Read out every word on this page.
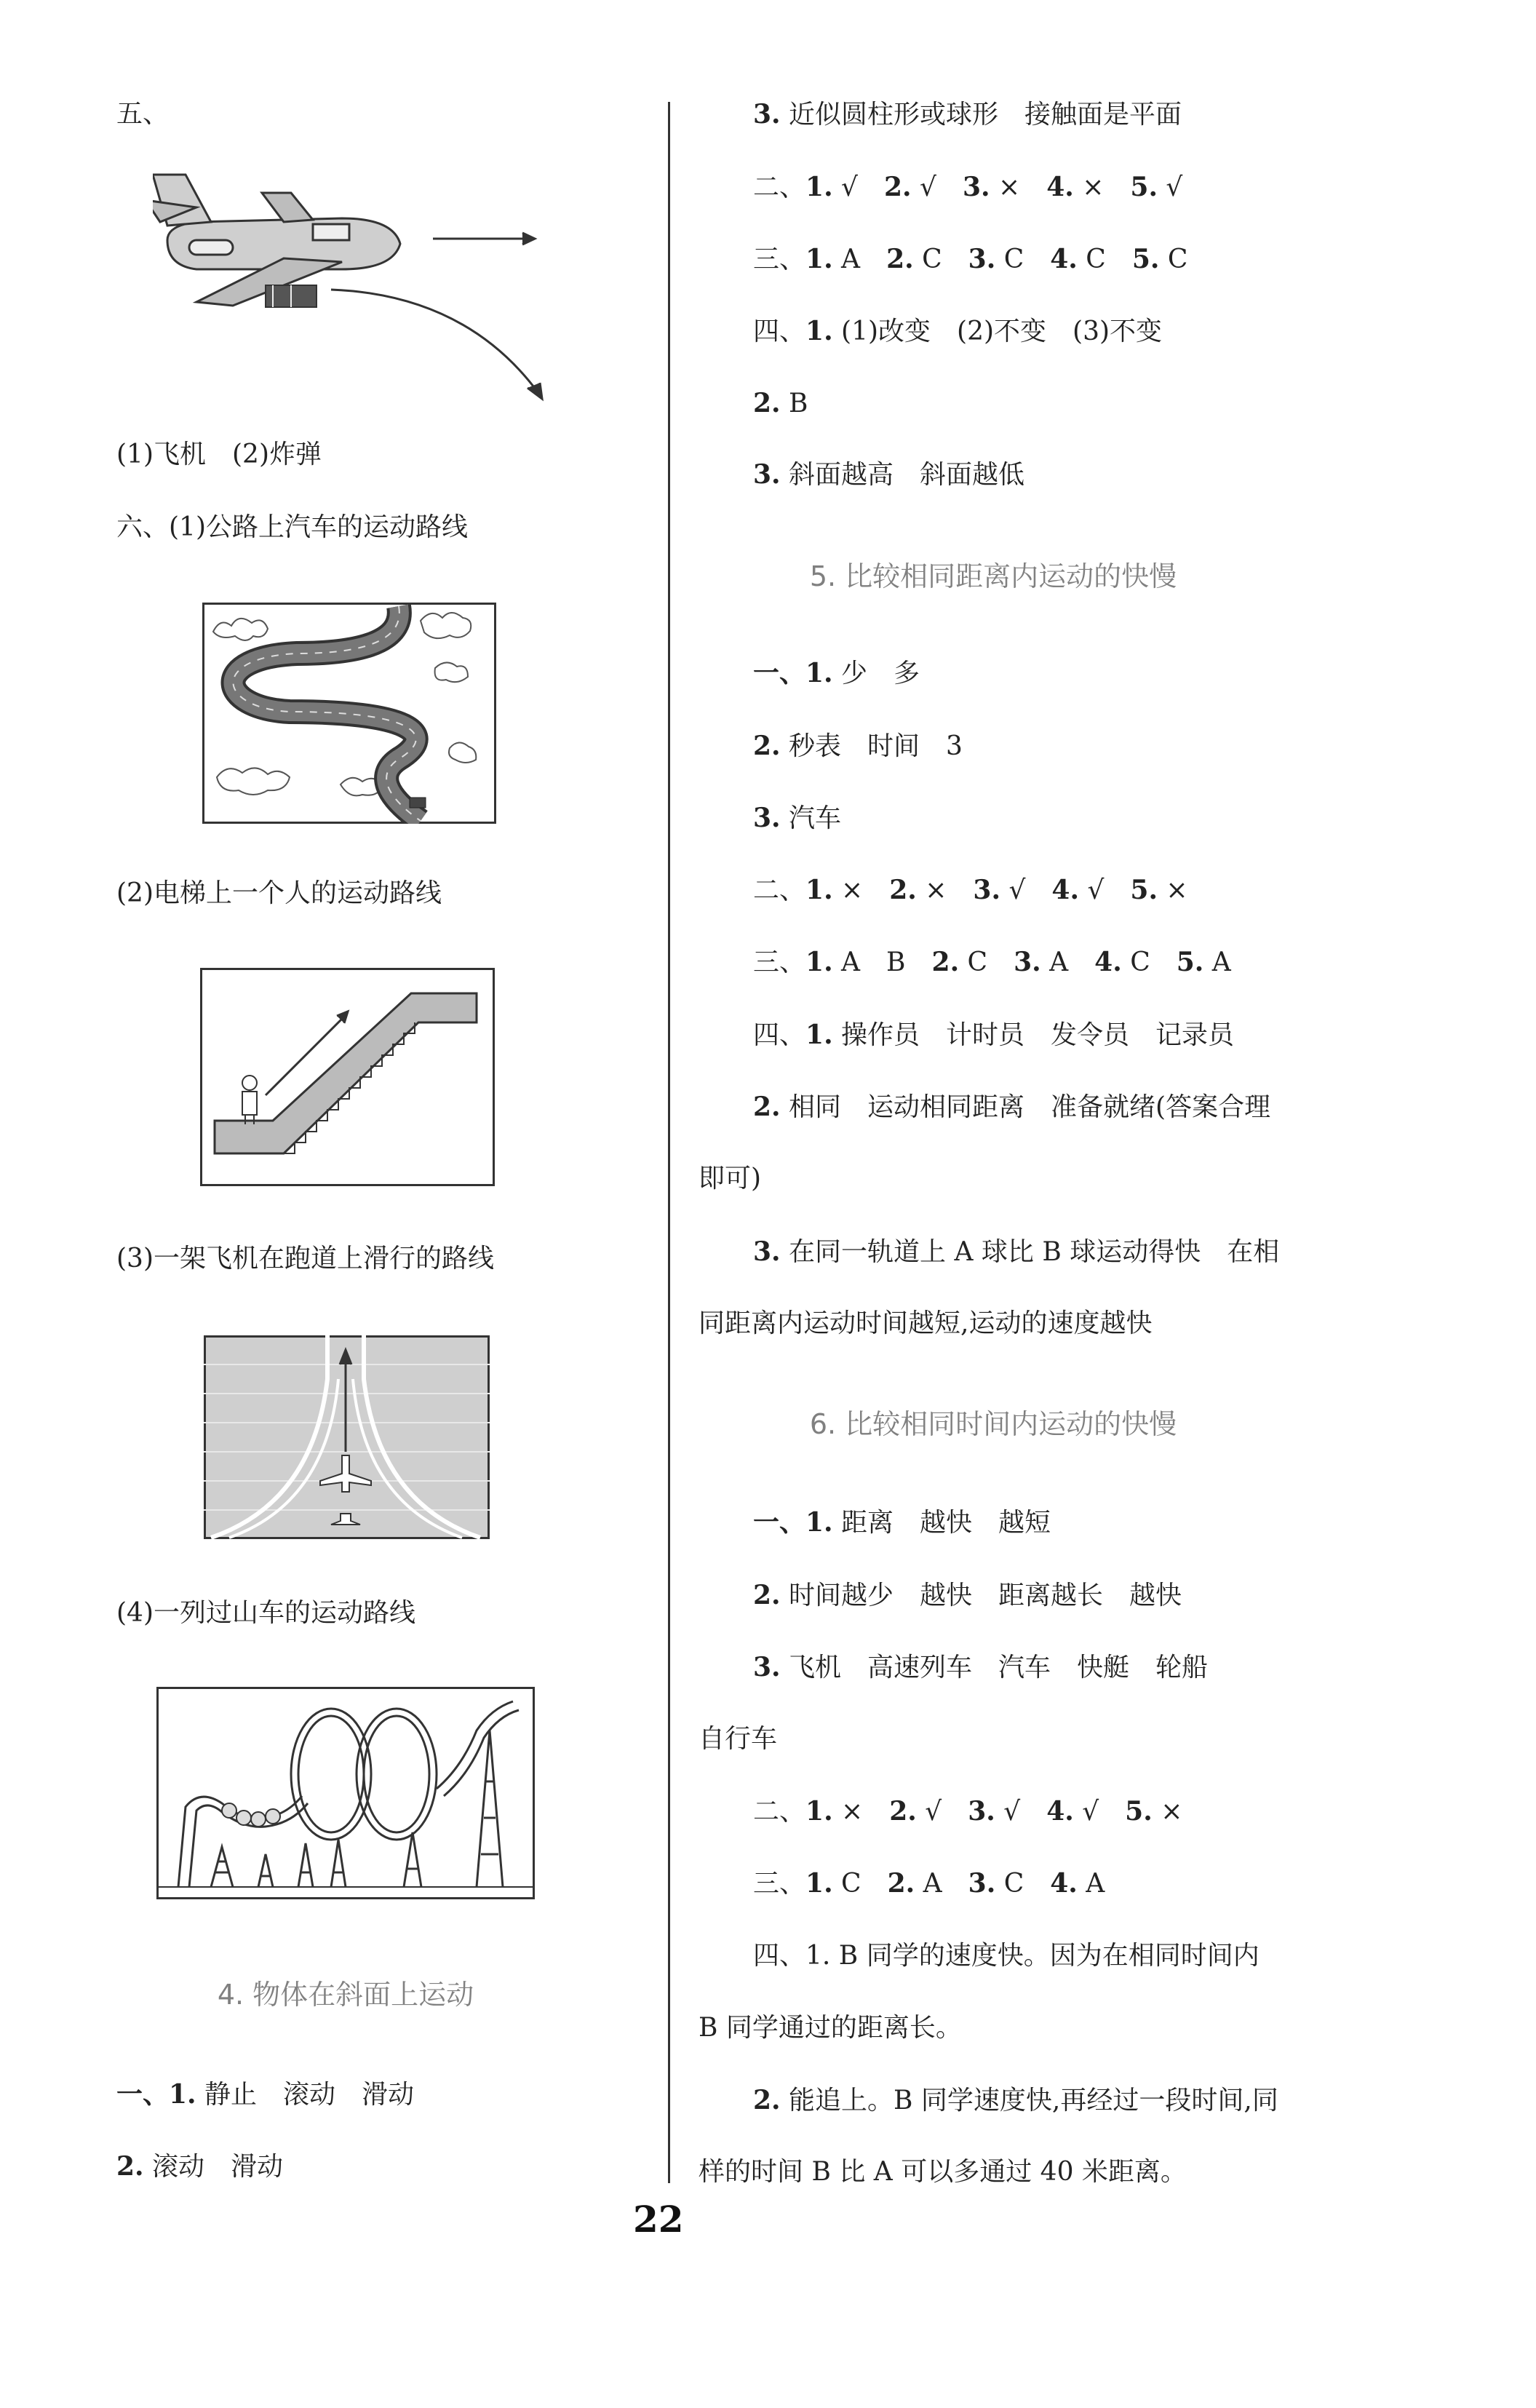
五、
(1)飞机　(2)炸弹
六、(1)公路上汽车的运动路线
(2)电梯上一个人的运动路线
(3)一架飞机在跑道上滑行的路线
(4)一列过山车的运动路线
4. 物体在斜面上运动
一、1. 静止　滚动　滑动
2. 滚动　滑动
3. 近似圆柱形或球形　接触面是平面
二、1. √　2. √　3. ×　4. ×　5. √
三、1. A　2. C　3. C　4. C　5. C
四、1. (1)改变　(2)不变　(3)不变
2. B
3. 斜面越高　斜面越低
5. 比较相同距离内运动的快慢
一、1. 少　多
2. 秒表　时间　3
3. 汽车
二、1. ×　2. ×　3. √　4. √　5. ×
三、1. A　B　2. C　3. A　4. C　5. A
四、1. 操作员　计时员　发令员　记录员
2. 相同　运动相同距离　准备就绪(答案合理
即可)
3. 在同一轨道上 A 球比 B 球运动得快　在相
同距离内运动时间越短,运动的速度越快
6. 比较相同时间内运动的快慢
一、1. 距离　越快　越短
2. 时间越少　越快　距离越长　越快
3. 飞机　高速列车　汽车　快艇　轮船
自行车
二、1. ×　2. √　3. √　4. √　5. ×
三、1. C　2. A　3. C　4. A
四、1. B 同学的速度快。因为在相同时间内
B 同学通过的距离长。
2. 能追上。B 同学速度快,再经过一段时间,同
样的时间 B 比 A 可以多通过 40 米距离。
22
